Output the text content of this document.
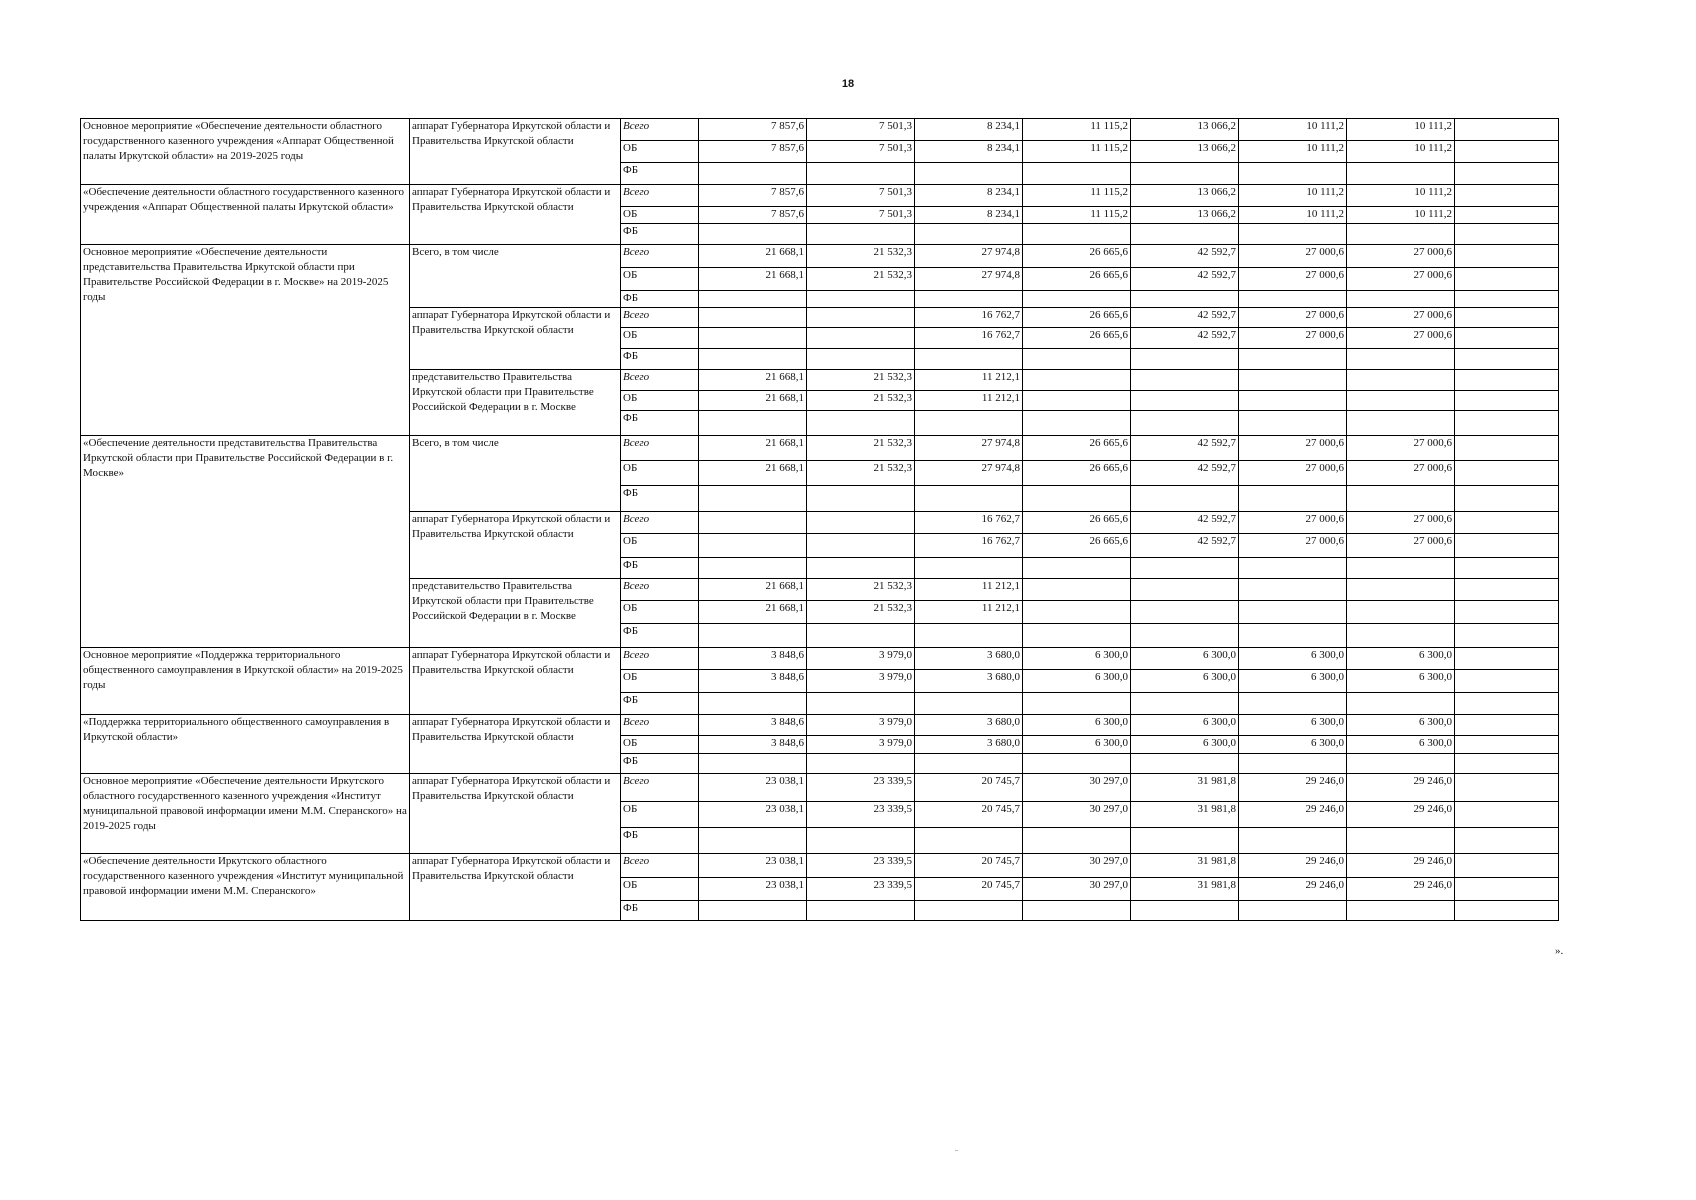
18
Основное мероприятие «Обеспечение деятельности областного государственного казенного учреждения «Аппарат Общественной палаты Иркутской области» на 2019-2025 годы	аппарат Губернатора Иркутской области и Правительства Иркутской области	Всего	7 857,6	7 501,3	8 234,1	11 115,2	13 066,2	10 111,2	10 111,2	
		ОБ	7 857,6	7 501,3	8 234,1	11 115,2	13 066,2	10 111,2	10 111,2	
		ФБ								
«Обеспечение деятельности областного государственного казенного учреждения «Аппарат Общественной палаты Иркутской области»	аппарат Губернатора Иркутской области и Правительства Иркутской области	Всего	7 857,6	7 501,3	8 234,1	11 115,2	13 066,2	10 111,2	10 111,2	
		ОБ	7 857,6	7 501,3	8 234,1	11 115,2	13 066,2	10 111,2	10 111,2	
		ФБ								
Основное мероприятие «Обеспечение деятельности представительства Правительства Иркутской области при Правительстве Российской Федерации в г. Москве» на 2019-2025 годы	Всего, в том числе	Всего	21 668,1	21 532,3	27 974,8	26 665,6	42 592,7	27 000,6	27 000,6	
		ОБ	21 668,1	21 532,3	27 974,8	26 665,6	42 592,7	27 000,6	27 000,6	
		ФБ								
	аппарат Губернатора Иркутской области и Правительства Иркутской области	Всего			16 762,7	26 665,6	42 592,7	27 000,6	27 000,6	
		ОБ			16 762,7	26 665,6	42 592,7	27 000,6	27 000,6	
		ФБ								
	представительство Правительства Иркутской области при Правительстве Российской Федерации в г. Москве	Всего	21 668,1	21 532,3	11 212,1					
		ОБ	21 668,1	21 532,3	11 212,1					
		ФБ								
«Обеспечение деятельности представительства Правительства Иркутской области при Правительстве Российской Федерации в г. Москве»	Всего, в том числе	Всего	21 668,1	21 532,3	27 974,8	26 665,6	42 592,7	27 000,6	27 000,6	
		ОБ	21 668,1	21 532,3	27 974,8	26 665,6	42 592,7	27 000,6	27 000,6	
		ФБ								
	аппарат Губернатора Иркутской области и Правительства Иркутской области	Всего			16 762,7	26 665,6	42 592,7	27 000,6	27 000,6	
		ОБ			16 762,7	26 665,6	42 592,7	27 000,6	27 000,6	
		ФБ								
	представительство Правительства Иркутской области при Правительстве Российской Федерации в г. Москве	Всего	21 668,1	21 532,3	11 212,1					
		ОБ	21 668,1	21 532,3	11 212,1					
		ФБ								
Основное мероприятие «Поддержка территориального общественного самоуправления в Иркутской области» на 2019-2025 годы	аппарат Губернатора Иркутской области и Правительства Иркутской области	Всего	3 848,6	3 979,0	3 680,0	6 300,0	6 300,0	6 300,0	6 300,0	
		ОБ	3 848,6	3 979,0	3 680,0	6 300,0	6 300,0	6 300,0	6 300,0	
		ФБ								
«Поддержка территориального общественного самоуправления в Иркутской области»	аппарат Губернатора Иркутской области и Правительства Иркутской области	Всего	3 848,6	3 979,0	3 680,0	6 300,0	6 300,0	6 300,0	6 300,0	
		ОБ	3 848,6	3 979,0	3 680,0	6 300,0	6 300,0	6 300,0	6 300,0	
		ФБ								
Основное мероприятие «Обеспечение деятельности Иркутского областного государственного казенного учреждения «Институт муниципальной правовой информации имени М.М. Сперанского» на 2019-2025 годы	аппарат Губернатора Иркутской области и Правительства Иркутской области	Всего	23 038,1	23 339,5	20 745,7	30 297,0	31 981,8	29 246,0	29 246,0	
		ОБ	23 038,1	23 339,5	20 745,7	30 297,0	31 981,8	29 246,0	29 246,0	
		ФБ								
«Обеспечение деятельности Иркутского областного государственного казенного учреждения «Институт муниципальной правовой информации имени М.М. Сперанского»	аппарат Губернатора Иркутской области и Правительства Иркутской области	Всего	23 038,1	23 339,5	20 745,7	30 297,0	31 981,8	29 246,0	29 246,0	
		ОБ	23 038,1	23 339,5	20 745,7	30 297,0	31 981,8	29 246,0	29 246,0	
		ФБ								
».
